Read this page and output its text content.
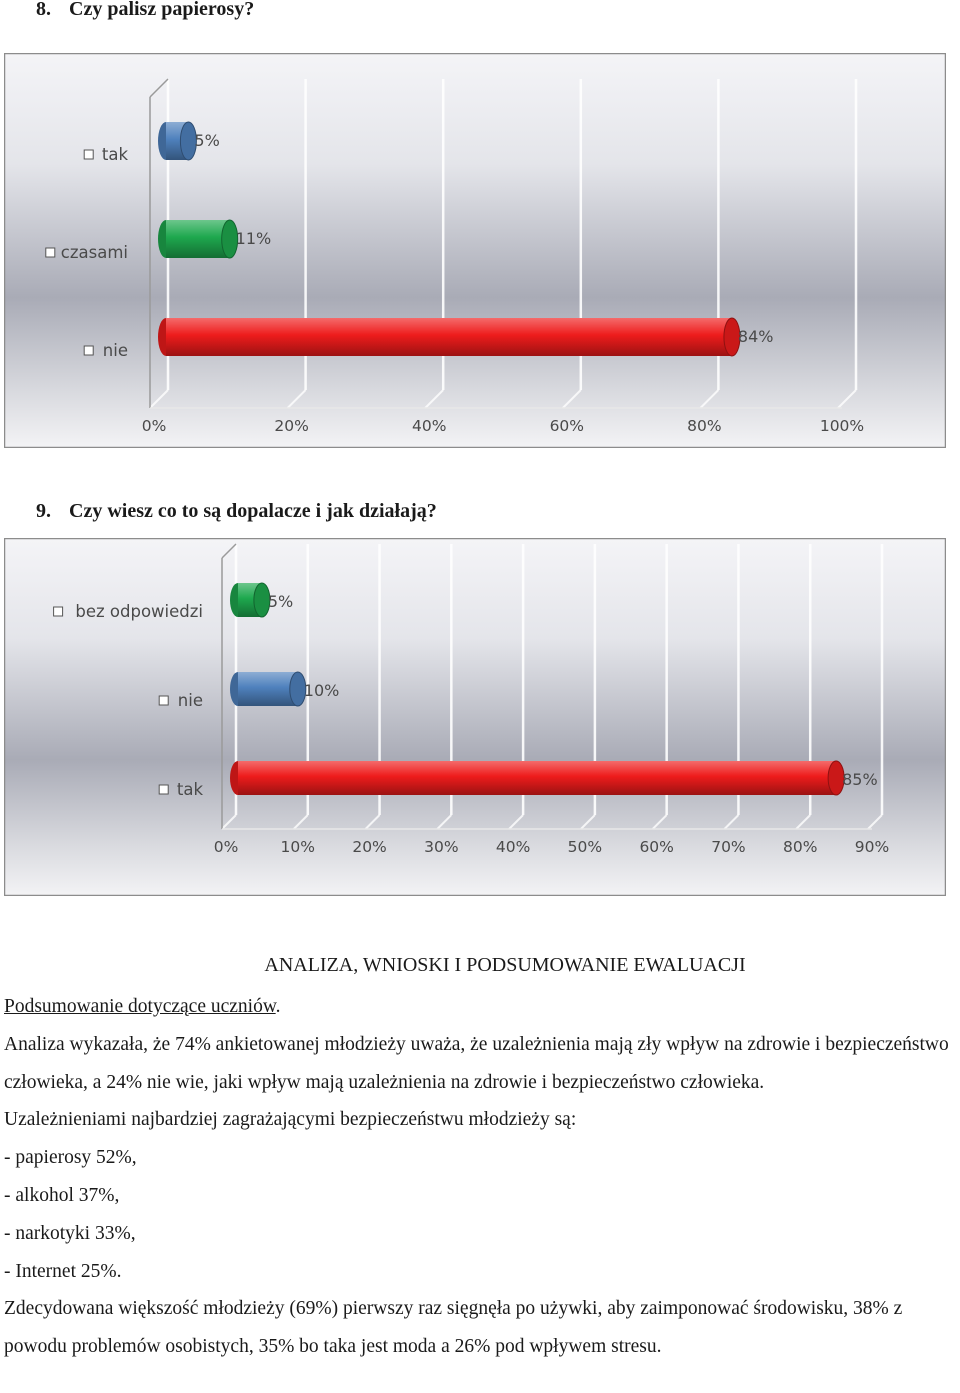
8. Czy palisz papierosy?
0%	20%	40%	60%	80%	100%
5%
tak
11%
czasami
84%
nie
9. Czy wiesz co to są dopalacze i jak działają?
0%	10% 20% 30% 40% 50% 60% 70% 80% 90%
5%
bez odpowiedzi
10%
nie
85%
tak
ANALIZA, WNIOSKI I PODSUMOWANIE EWALUACJI

Podsumowanie dotyczące uczniów.

Analiza wykazała, że 74% ankietowanej młodzieży uważa, że uzależnienia mają zły wpływ na zdrowie i bezpieczeństwo człowieka, a 24% nie wie, jaki wpływ mają uzależnienia na zdrowie i bezpieczeństwo człowieka.

Uzależnieniami najbardziej zagrażającymi bezpieczeństwu młodzieży są:

- papierosy 52%,

- alkohol 37%,

- narkotyki 33%,

- Internet 25%.

Zdecydowana większość młodzieży (69%) pierwszy raz sięgnęła po używki, aby zaimponować środowisku, 38% z powodu problemów osobistych, 35% bo taka jest moda a 26% pod wpływem stresu.
